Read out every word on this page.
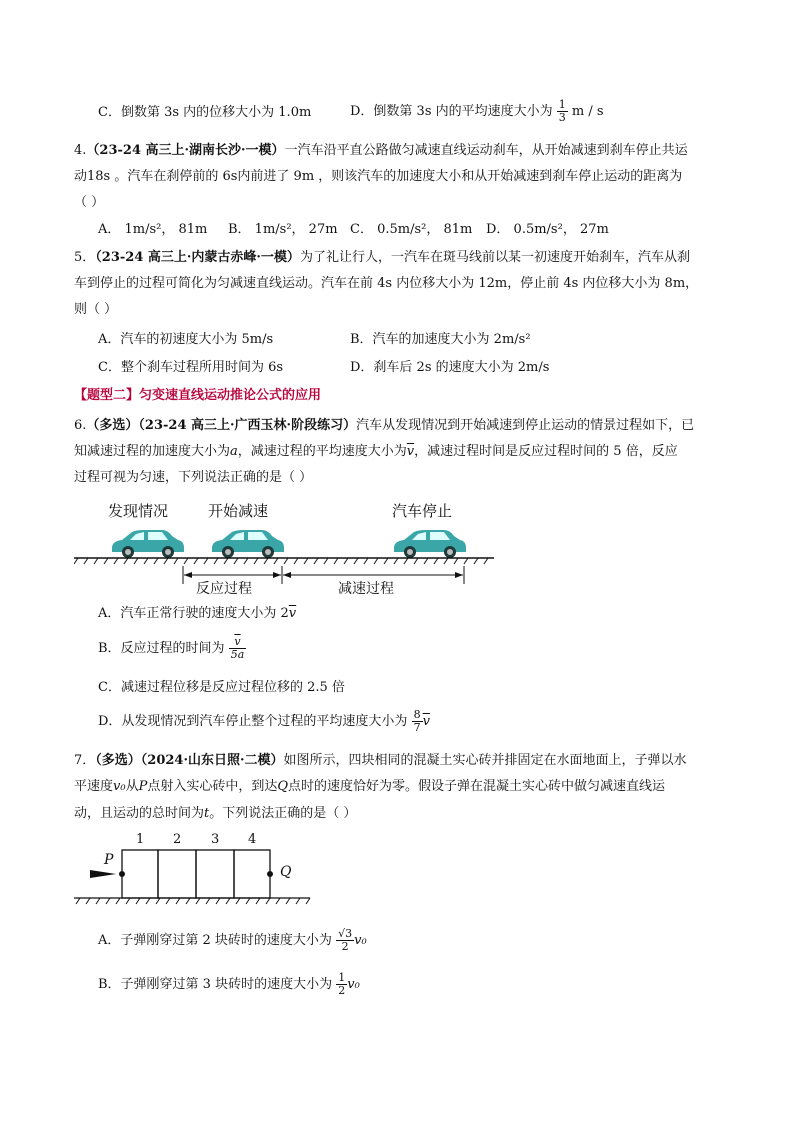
C．倒数第 3s 内的位移大小为 1.0m	D．倒数第 3s 内的平均速度大小为 $\frac{1}{3}$ m / s
4.（23-24 高三上·湖南长沙·一模）一汽车沿平直公路做匀减速直线运动刹车，从开始减速到刹车停止共运
动18s 。汽车在刹停前的 6s内前进了 9m ，则该汽车的加速度大小和从开始减速到刹车停止运动的距离为
（ ）
A． 1m/s²， 81m B． 1m/s²， 27m C． 0.5m/s²， 81m D． 0.5m/s²， 27m
5．（23-24 高三上·内蒙古赤峰·一模）为了礼让行人，一汽车在斑马线前以某一初速度开始刹车，汽车从刹
车到停止的过程可简化为匀减速直线运动。汽车在前 4s 内位移大小为 12m，停止前 4s 内位移大小为 8m，
则（ ）
A．汽车的初速度大小为 5m/s	B．汽车的加速度大小为 2m/s²
C．整个刹车过程所用时间为 6s	D．刹车后 2s 的速度大小为 2m/s
【题型二】匀变速直线运动推论公式的应用
6.（多选）（23-24 高三上·广西玉林·阶段练习）汽车从发现情况到开始减速到停止运动的情景过程如下，已
知减速过程的加速度大小为a，减速过程的平均速度大小为$\overline{v}$，减速过程时间是反应过程时间的 5 倍，反应
过程可视为匀速，下列说法正确的是（ ）
发现情况	开始减速	汽车停止
反应过程	减速过程
A．汽车正常行驶的速度大小为 $2\overline{v}$
B．反应过程的时间为 $\frac{\overline{v}}{5a}$
C．减速过程位移是反应过程位移的 2.5 倍
D．从发现情况到汽车停止整个过程的平均速度大小为 $\frac{8}{7} \overline{v}$
7．（多选）（2024·山东日照·二模）如图所示，四块相同的混凝土实心砖并排固定在水面地面上，子弹以水
平速度v₀从P点射入实心砖中，到达Q点时的速度恰好为零。假设子弹在混凝土实心砖中做匀减速直线运
动，且运动的总时间为t。下列说法正确的是（ ）
1 2 3 4
P
Q
A．子弹刚穿过第 2 块砖时的速度大小为 $\frac{√3}{2} v_0$
B．子弹刚穿过第 3 块砖时的速度大小为 $\frac{1}{2} v_0$
